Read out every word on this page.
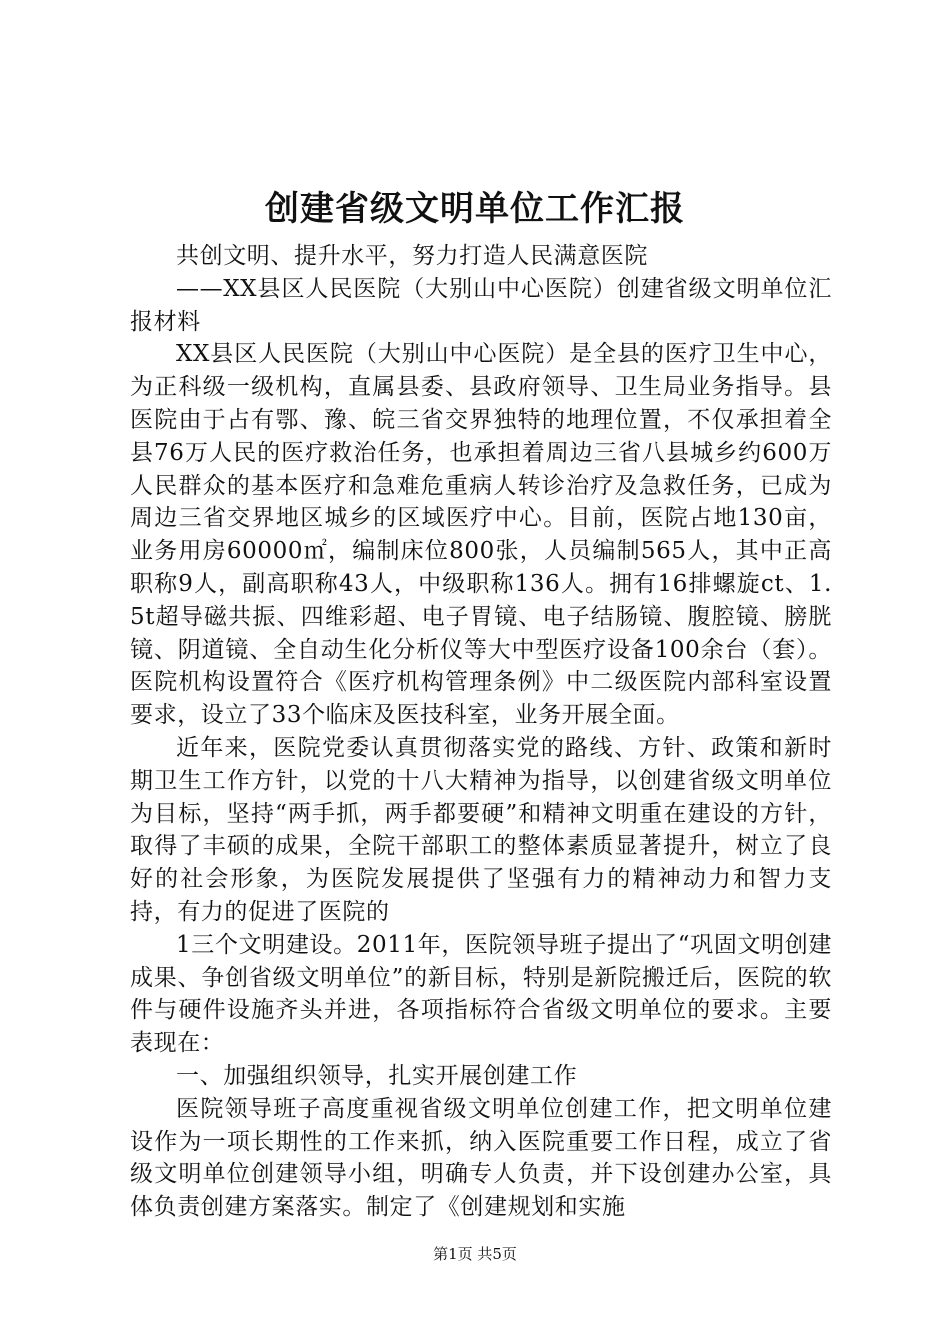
创建省级文明单位工作汇报

共创文明、提升水平，努力打造人民满意医院

——XX县区人民医院（大别山中心医院）创建省级文明单位汇报材料

XX县区人民医院（大别山中心医院）是全县的医疗卫生中心，为正科级一级机构，直属县委、县政府领导、卫生局业务指导。县医院由于占有鄂、豫、皖三省交界独特的地理位置，不仅承担着全县76万人民的医疗救治任务，也承担着周边三省八县城乡约600万人民群众的基本医疗和急难危重病人转诊治疗及急救任务，已成为周边三省交界地区城乡的区域医疗中心。目前，医院占地130亩，业务用房60000㎡，编制床位800张，人员编制565人，其中正高职称9人，副高职称43人，中级职称136人。拥有16排螺旋ct、1.5t超导磁共振、四维彩超、电子胃镜、电子结肠镜、腹腔镜、膀胱镜、阴道镜、全自动生化分析仪等大中型医疗设备100余台（套）。医院机构设置符合《医疗机构管理条例》中二级医院内部科室设置要求，设立了33个临床及医技科室，业务开展全面。

近年来，医院党委认真贯彻落实党的路线、方针、政策和新时期卫生工作方针，以党的十八大精神为指导，以创建省级文明单位为目标，坚持“两手抓，两手都要硬”和精神文明重在建设的方针，取得了丰硕的成果，全院干部职工的整体素质显著提升，树立了良好的社会形象，为医院发展提供了坚强有力的精神动力和智力支持，有力的促进了医院的

1三个文明建设。2011年，医院领导班子提出了“巩固文明创建成果、争创省级文明单位”的新目标，特别是新院搬迁后，医院的软件与硬件设施齐头并进，各项指标符合省级文明单位的要求。主要表现在：

一、加强组织领导，扎实开展创建工作

医院领导班子高度重视省级文明单位创建工作，把文明单位建设作为一项长期性的工作来抓，纳入医院重要工作日程，成立了省级文明单位创建领导小组，明确专人负责，并下设创建办公室，具体负责创建方案落实。制定了《创建规划和实施

第1页 共5页
